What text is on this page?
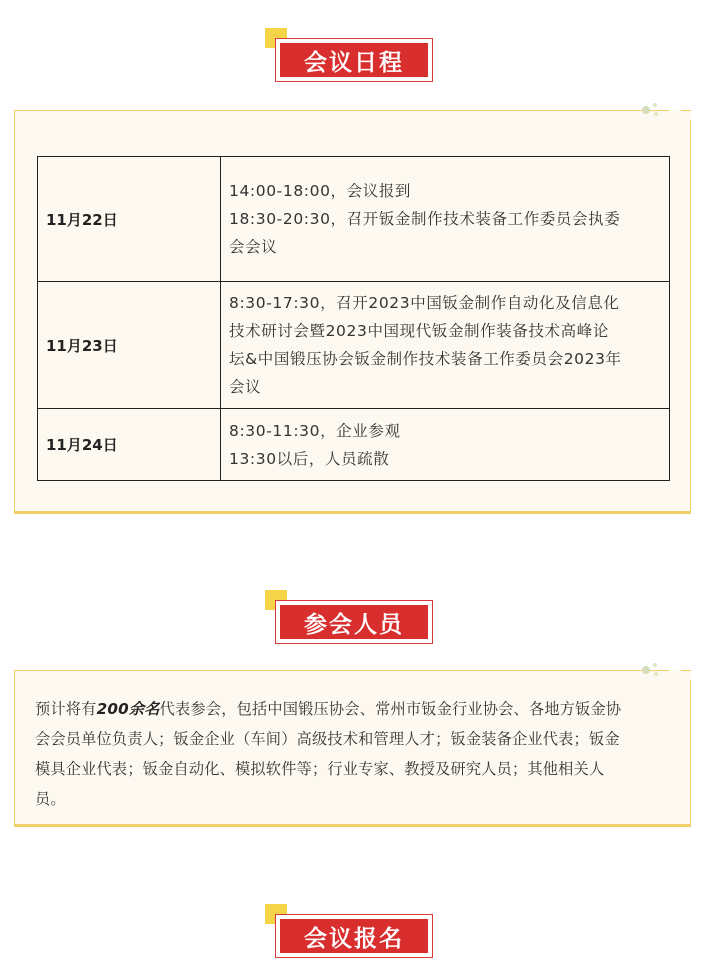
会议日程
11月22日	14:00-18:00，会议报到
18:30-20:30，召开钣金制作技术装备工作委员会执委
会会议

11月23日	8:30-17:30，召开2023中国钣金制作自动化及信息化
技术研讨会暨2023中国现代钣金制作装备技术高峰论
坛&中国锻压协会钣金制作技术装备工作委员会2023年
会议

11月24日	8:30-11:30，企业参观
13:30以后，人员疏散
参会人员
预计将有200余名代表参会，包括中国锻压协会、常州市钣金行业协会、各地方钣金协
会会员单位负责人；钣金企业（车间）高级技术和管理人才；钣金装备企业代表；钣金
模具企业代表；钣金自动化、模拟软件等；行业专家、教授及研究人员；其他相关人
员。
会议报名
